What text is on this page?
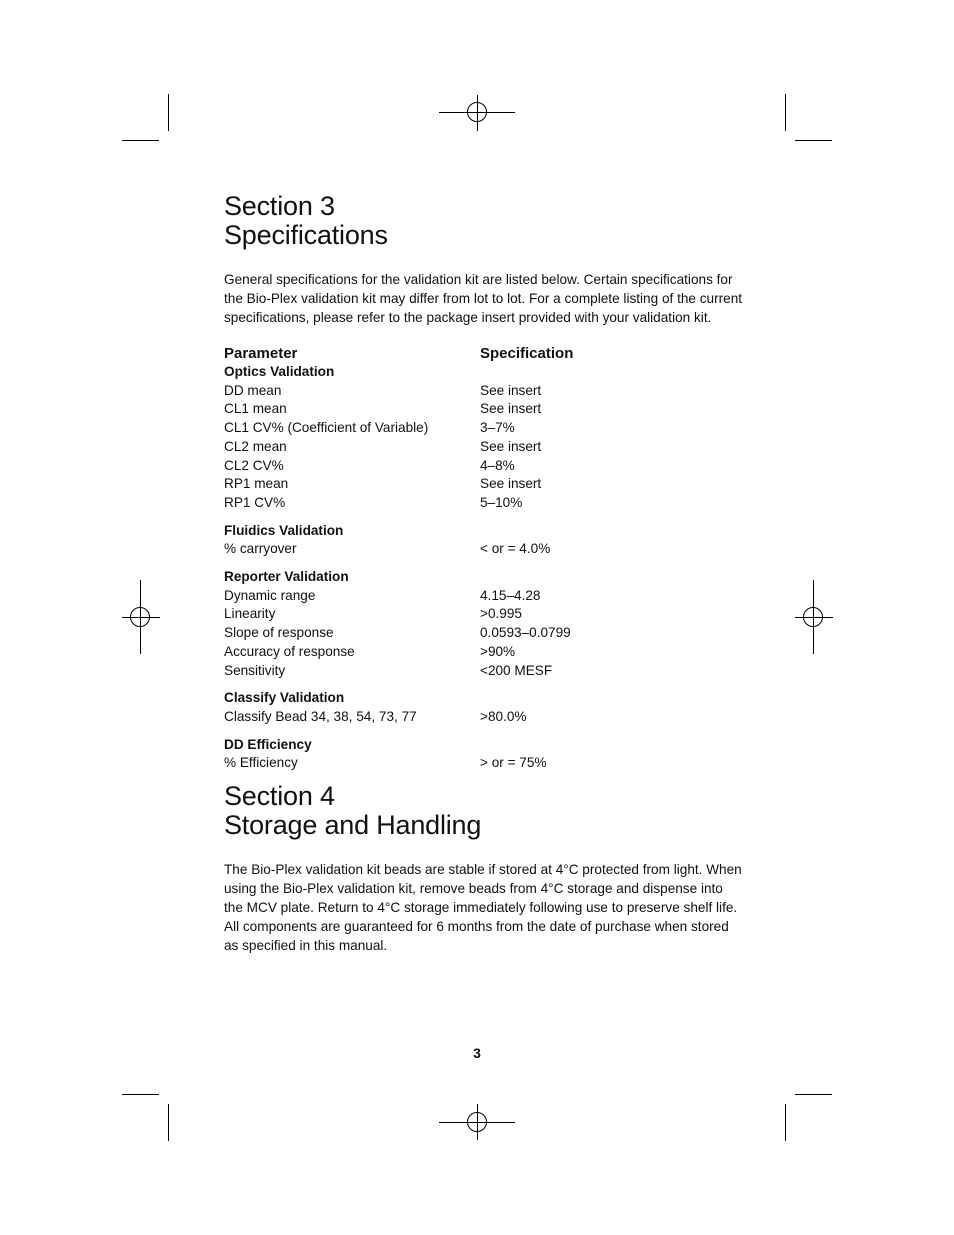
Section 3
Specifications

General specifications for the validation kit are listed below. Certain specifications for the Bio-Plex validation kit may differ from lot to lot. For a complete listing of the current specifications, please refer to the package insert provided with your validation kit.

Parameter	Specification
Optics Validation
DD mean	See insert
CL1 mean	See insert
CL1 CV% (Coefficient of Variable)	3–7%
CL2 mean	See insert
CL2 CV%	4–8%
RP1 mean	See insert
RP1 CV%	5–10%
Fluidics Validation
% carryover	< or = 4.0%
Reporter Validation
Dynamic range	4.15–4.28
Linearity	>0.995
Slope of response	0.0593–0.0799
Accuracy of response	>90%
Sensitivity	<200 MESF
Classify Validation
Classify Bead 34, 38, 54, 73, 77	>80.0%
DD Efficiency
% Efficiency	> or = 75%
Section 4
Storage and Handling

The Bio-Plex validation kit beads are stable if stored at 4°C protected from light. When using the Bio-Plex validation kit, remove beads from 4°C storage and dispense into the MCV plate. Return to 4°C storage immediately following use to preserve shelf life. All components are guaranteed for 6 months from the date of purchase when stored as specified in this manual.

3
